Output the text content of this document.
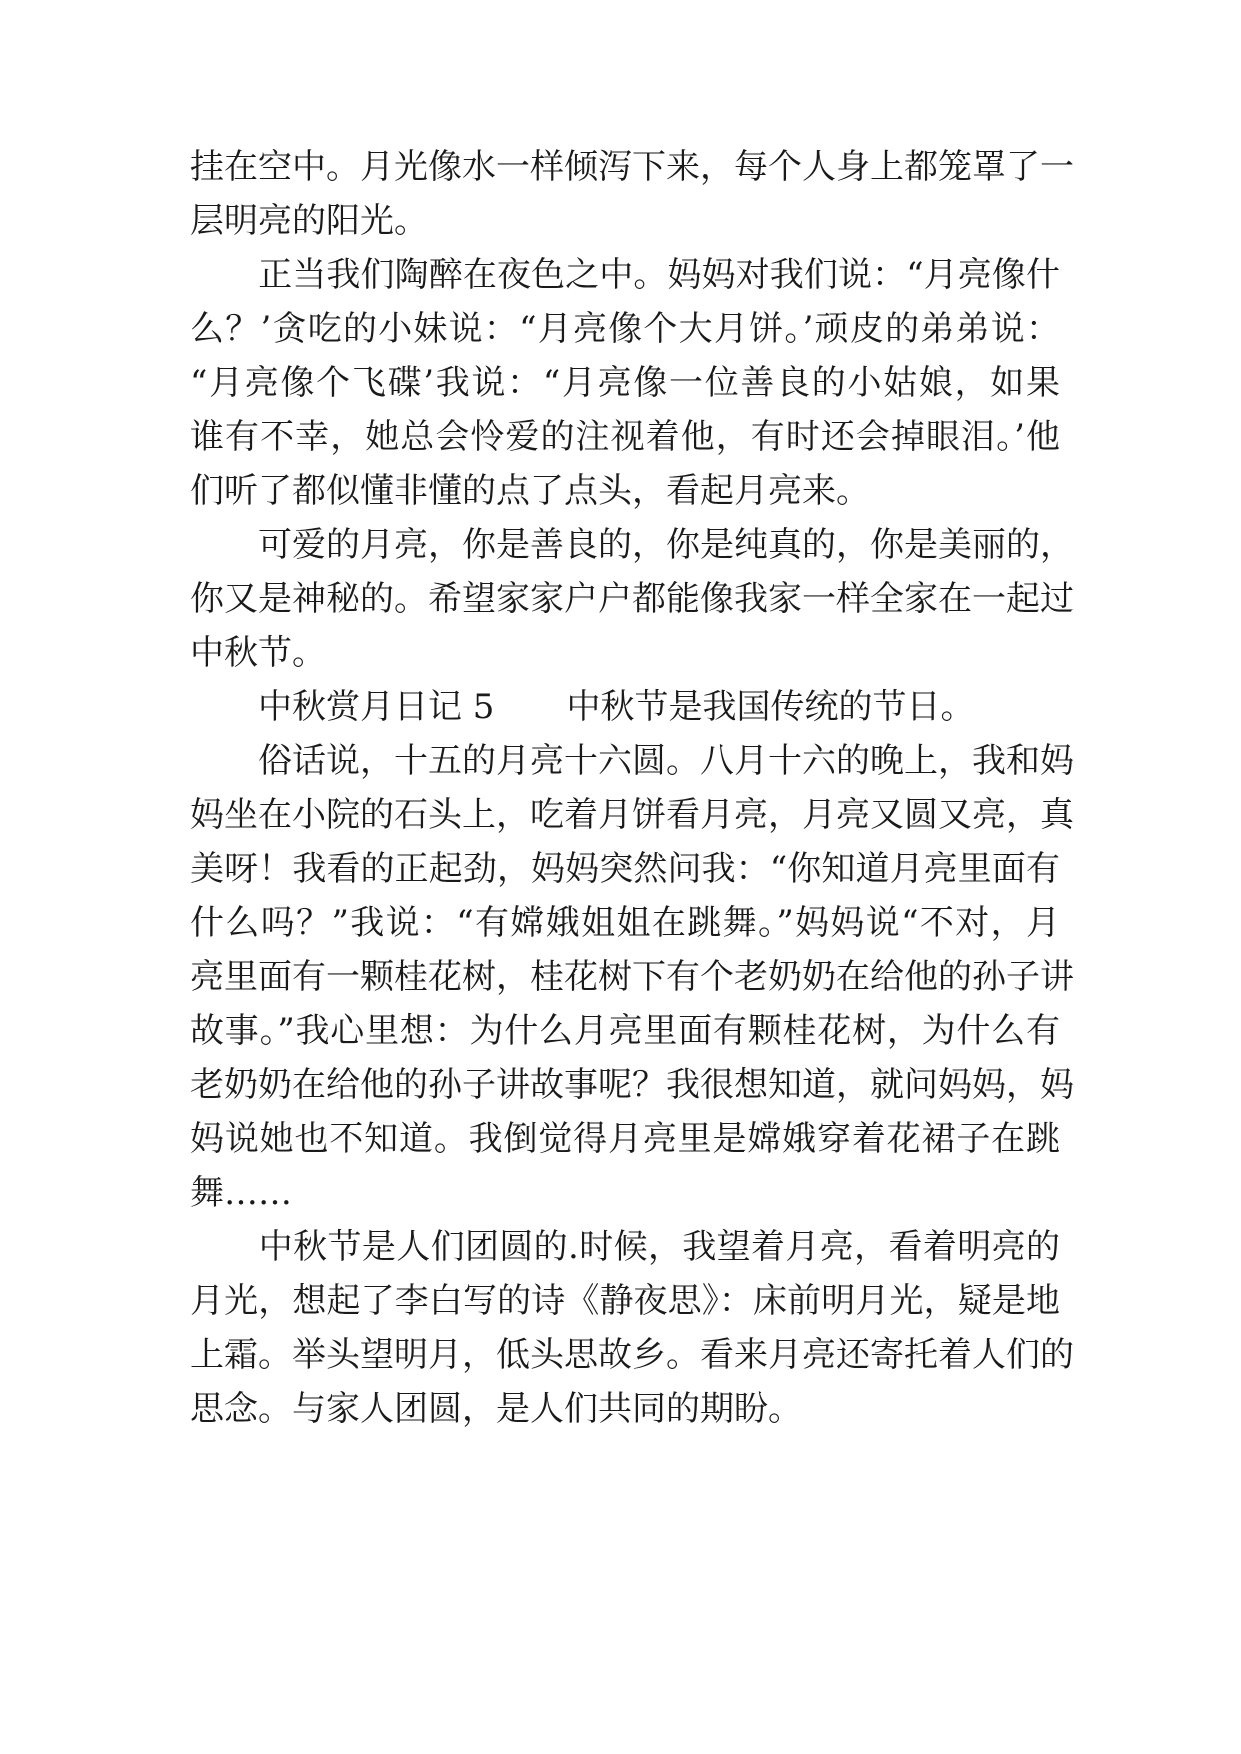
挂在空中。月光像水一样倾泻下来，每个人身上都笼罩了一
层明亮的阳光。
　　正当我们陶醉在夜色之中。妈妈对我们说：“月亮像什
么？’贪吃的小妹说：“月亮像个大月饼。’顽皮的弟弟说：
“月亮像个飞碟’我说：“月亮像一位善良的小姑娘，如果
谁有不幸，她总会怜爱的注视着他，有时还会掉眼泪。’他
们听了都似懂非懂的点了点头，看起月亮来。
　　可爱的月亮，你是善良的，你是纯真的，你是美丽的，
你又是神秘的。希望家家户户都能像我家一样全家在一起过
中秋节。
　　中秋赏月日记 5 中秋节是我国传统的节日。
　　俗话说，十五的月亮十六圆。八月十六的晚上，我和妈
妈坐在小院的石头上，吃着月饼看月亮，月亮又圆又亮，真
美呀！我看的正起劲，妈妈突然问我：“你知道月亮里面有
什么吗？”我说：“有嫦娥姐姐在跳舞。”妈妈说“不对，月
亮里面有一颗桂花树，桂花树下有个老奶奶在给他的孙子讲
故事。”我心里想：为什么月亮里面有颗桂花树，为什么有
老奶奶在给他的孙子讲故事呢？我很想知道，就问妈妈，妈
妈说她也不知道。我倒觉得月亮里是嫦娥穿着花裙子在跳
舞……
　　中秋节是人们团圆的.时候，我望着月亮，看着明亮的
月光，想起了李白写的诗《静夜思》：床前明月光，疑是地
上霜。举头望明月，低头思故乡。看来月亮还寄托着人们的
思念。与家人团圆，是人们共同的期盼。
